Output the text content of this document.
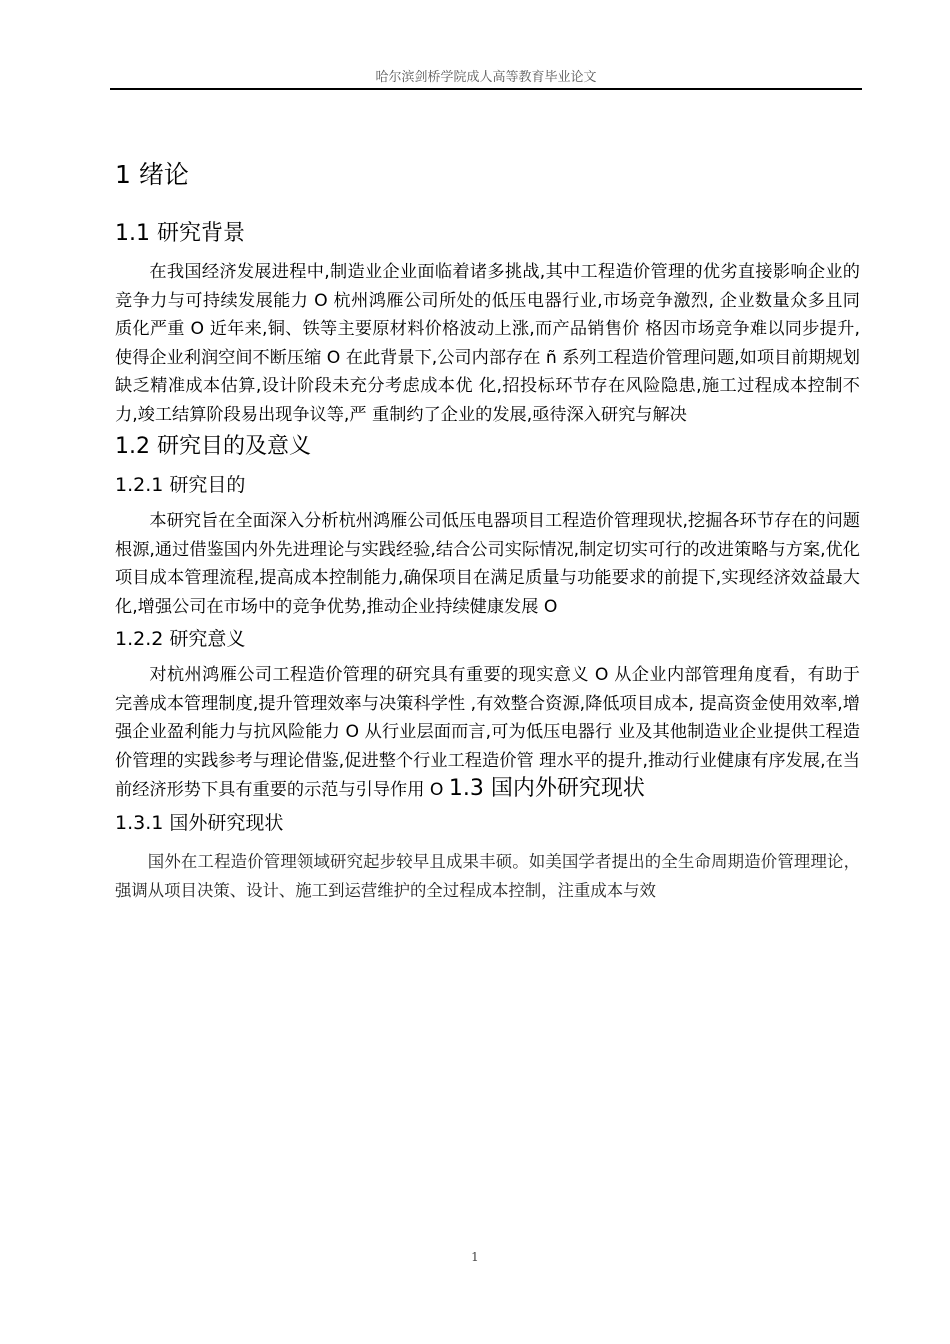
哈尔滨剑桥学院成人高等教育毕业论文
1 绪论
1.1 研究背景

在我国经济发展进程中,制造业企业面临着诸多挑战,其中工程造价管理的优劣直接影响企业的竞争力与可持续发展能力 O 杭州鸿雁公司所处的低压电器行业,市场竞争激烈, 企业数量众多且同质化严重 O 近年来,铜、铁等主要原材料价格波动上涨,而产品销售价 格因市场竞争难以同步提升,使得企业利润空间不断压缩 O 在此背景下,公司内部存在 ñ 系列工程造价管理问题,如项目前期规划缺乏精准成本估算,设计阶段未充分考虑成本优 化,招投标环节存在风险隐患,施工过程成本控制不力,竣工结算阶段易出现争议等,严 重制约了企业的发展,亟待深入研究与解决

1.2 研究目的及意义
1.2.1 研究目的

本研究旨在全面深入分析杭州鸿雁公司低压电器项目工程造价管理现状,挖掘各环节存在的问题根源,通过借鉴国内外先进理论与实践经验,结合公司实际情况,制定切实可行的改进策略与方案,优化项目成本管理流程,提高成本控制能力,确保项目在满足质量与功能要求的前提下,实现经济效益最大化,增强公司在市场中的竞争优势,推动企业持续健康发展 O

1.2.2 研究意义

对杭州鸿雁公司工程造价管理的研究具有重要的现实意义 O 从企业内部管理角度看，有助于完善成本管理制度,提升管理效率与决策科学性 ,有效整合资源,降低项目成本, 提高资金使用效率,增强企业盈利能力与抗风险能力 O 从行业层面而言,可为低压电器行 业及其他制造业企业提供工程造价管理的实践参考与理论借鉴,促进整个行业工程造价管 理水平的提升,推动行业健康有序发展,在当前经济形势下具有重要的示范与引导作用 O 1.3 国内外研究现状

1.3.1 国外研究现状

国外在工程造价管理领域研究起步较早且成果丰硕。如美国学者提出的全生命周期造价管理理论，强调从项目决策、设计、施工到运营维护的全过程成本控制，注重成本与效

1
